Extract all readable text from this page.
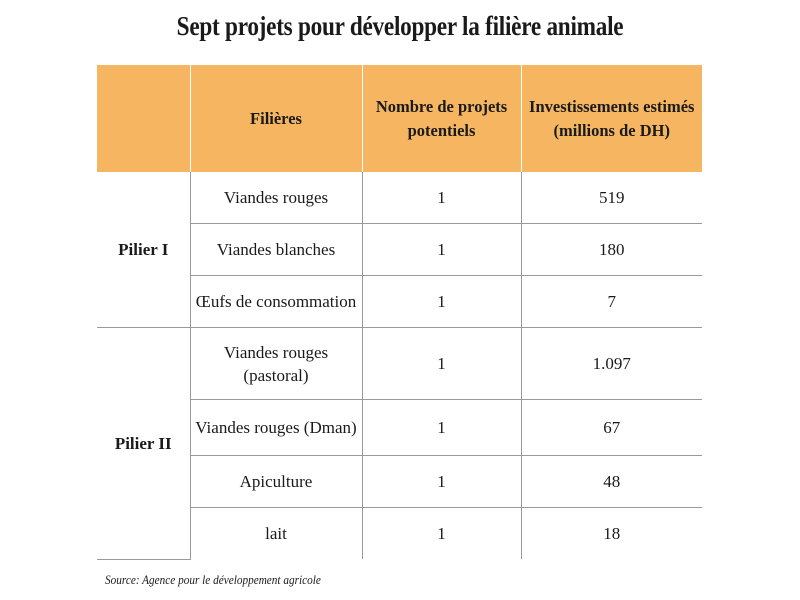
Sept projets pour développer la filière animale
	Filières	Nombre de projets potentiels	Investissements estimés (millions de DH)
Pilier I	Viandes rouges	1	519
	Viandes blanches	1	180
	Œufs de consommation	1	7
Pilier II	Viandes rouges (pastoral)	1	1.097
	Viandes rouges (Dman)	1	67
	Apiculture	1	48
	lait	1	18
Source: Agence pour le développement agricole
